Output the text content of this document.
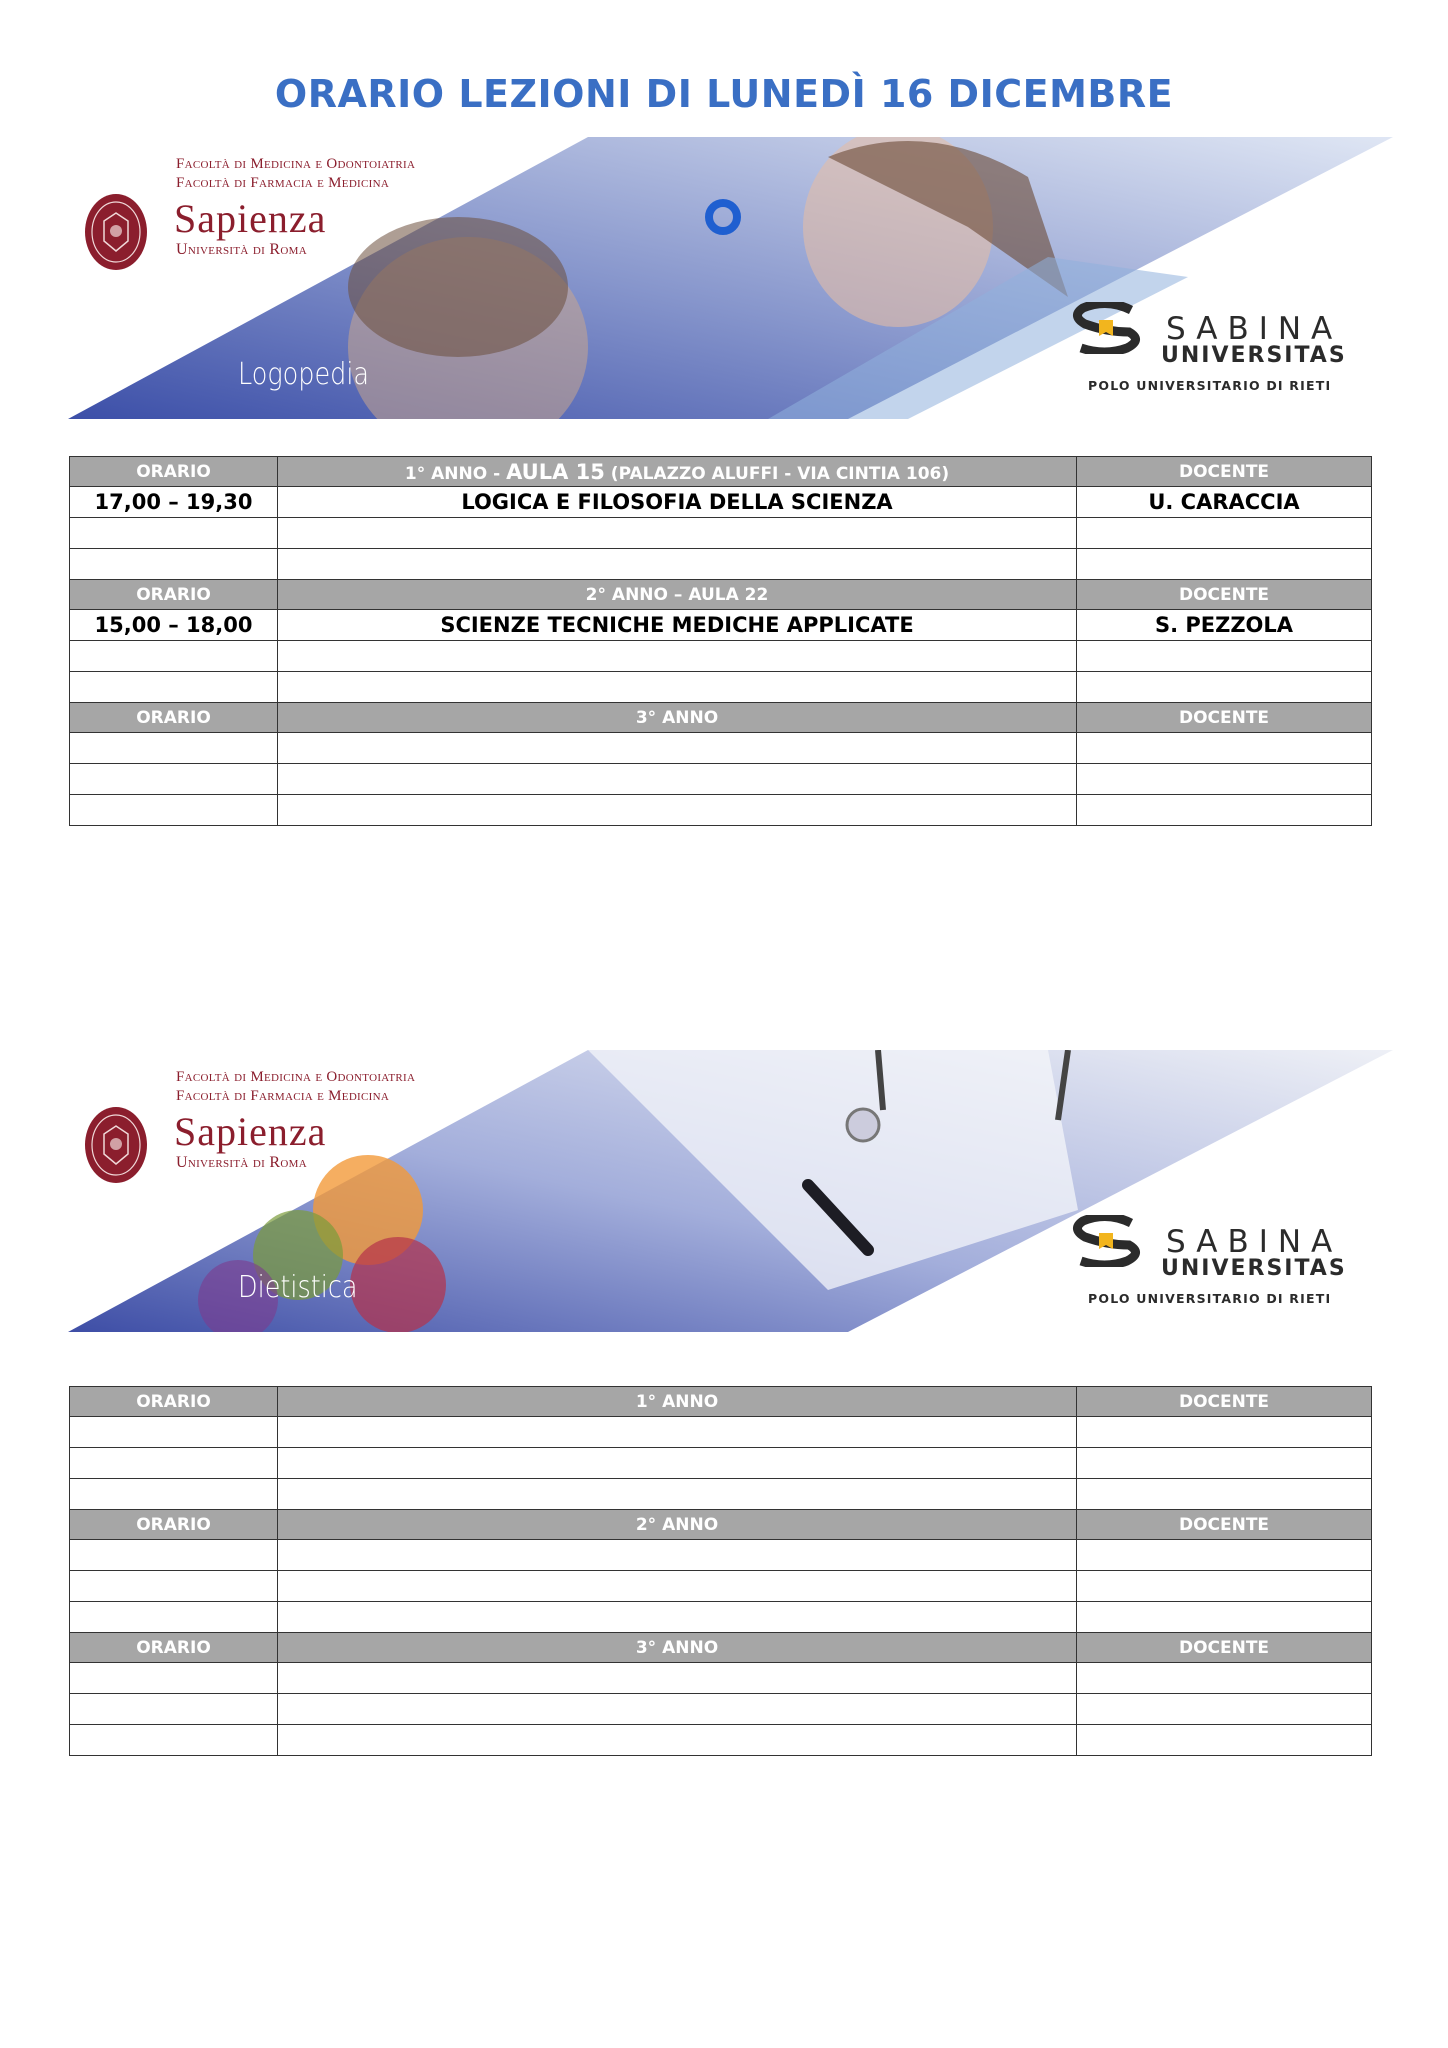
ORARIO LEZIONI DI LUNEDÌ 16 DICEMBRE
Facoltà di Medicina e Odontoiatria
Facoltà di Farmacia e Medicina
Sapienza
Università di Roma
Logopedia
SABINA
UNIVERSITAS
POLO UNIVERSITARIO DI RIETI
ORARIO	1° ANNO - AULA 15 (PALAZZO ALUFFI - VIA CINTIA 106)	DOCENTE
17,00 – 19,30	LOGICA E FILOSOFIA DELLA SCIENZA	U. CARACCIA

ORARIO	2° ANNO – AULA 22	DOCENTE
15,00 – 18,00	SCIENZE TECNICHE MEDICHE APPLICATE	S. PEZZOLA

ORARIO	3° ANNO	DOCENTE

Facoltà di Medicina e Odontoiatria
Facoltà di Farmacia e Medicina
Sapienza
Università di Roma
Dietistica
SABINA
UNIVERSITAS
POLO UNIVERSITARIO DI RIETI
ORARIO	1° ANNO	DOCENTE

ORARIO	2° ANNO	DOCENTE

ORARIO	3° ANNO	DOCENTE
